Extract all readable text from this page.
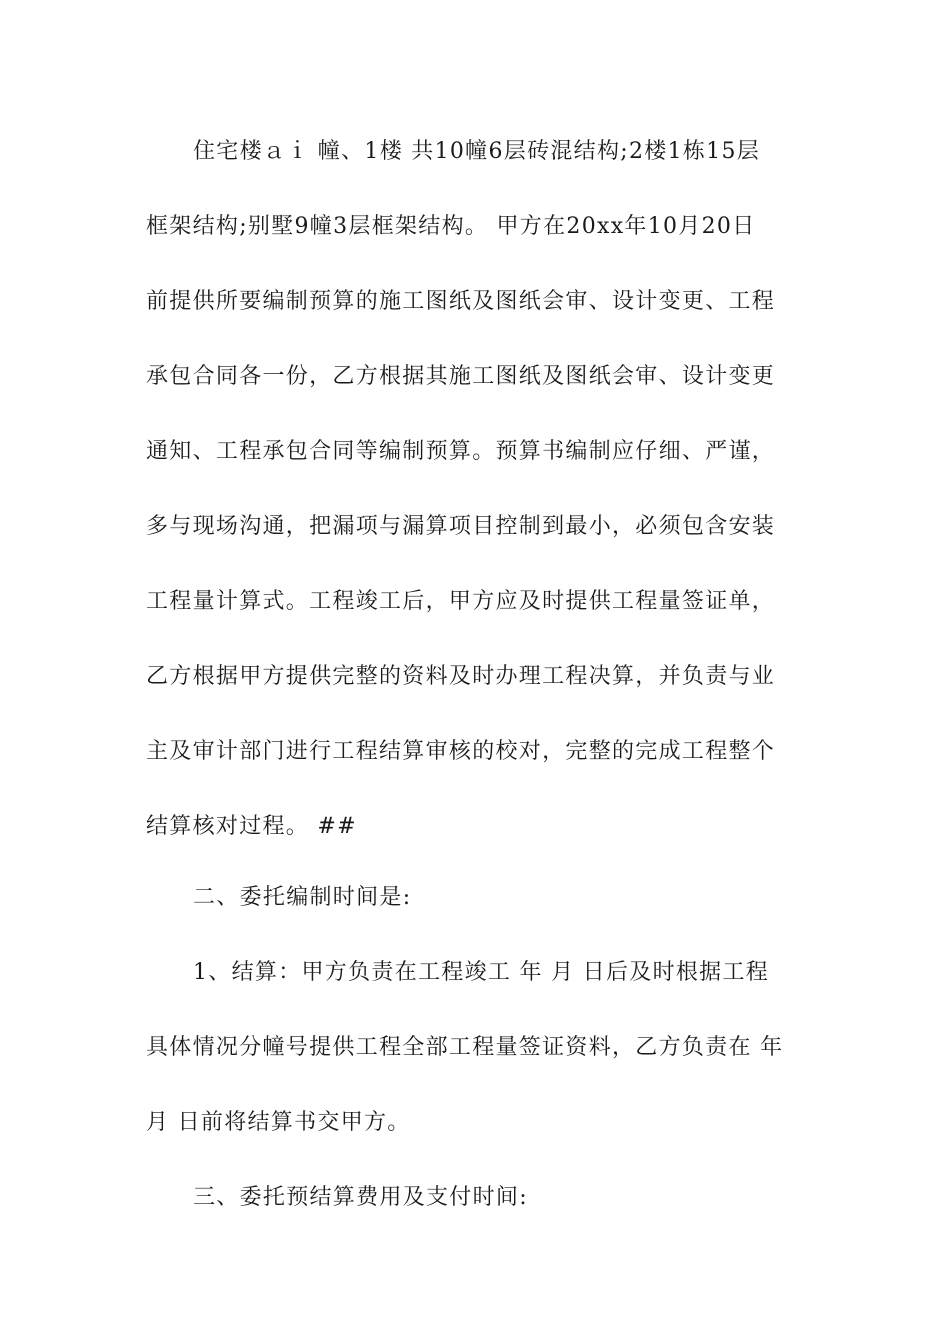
住宅楼ａｉ 幢、1楼 共10幢6层砖混结构;2楼1栋15层
框架结构;别墅9幢3层框架结构。 甲方在20xx年10月20日
前提供所要编制预算的施工图纸及图纸会审、设计变更、工程
承包合同各一份，乙方根据其施工图纸及图纸会审、设计变更
通知、工程承包合同等编制预算。预算书编制应仔细、严谨，
多与现场沟通，把漏项与漏算项目控制到最小，必须包含安装
工程量计算式。工程竣工后，甲方应及时提供工程量签证单，
乙方根据甲方提供完整的资料及时办理工程决算，并负责与业
主及审计部门进行工程结算审核的校对，完整的完成工程整个
结算核对过程。 ##
二、委托编制时间是:
1、结算：甲方负责在工程竣工 年 月 日后及时根据工程
具体情况分幢号提供工程全部工程量签证资料，乙方负责在 年
月 日前将结算书交甲方。
三、委托预结算费用及支付时间:
